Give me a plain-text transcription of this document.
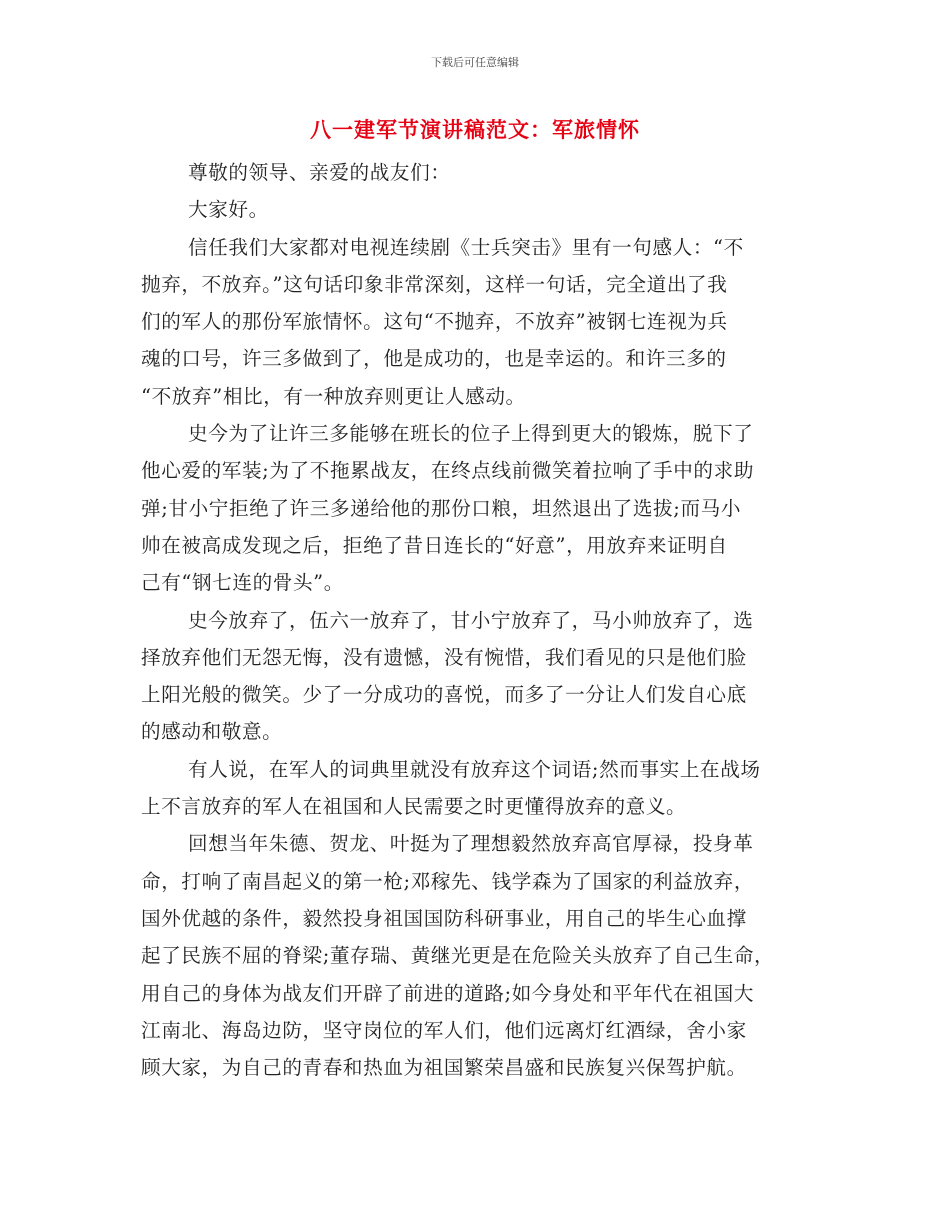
下载后可任意编辑
八一建军节演讲稿范文：军旅情怀
尊敬的领导、亲爱的战友们：
大家好。
信任我们大家都对电视连续剧《士兵突击》里有一句感人：“不
抛弃，不放弃。”这句话印象非常深刻，这样一句话，完全道出了我
们的军人的那份军旅情怀。这句“不抛弃，不放弃”被钢七连视为兵
魂的口号，许三多做到了，他是成功的，也是幸运的。和许三多的
“不放弃”相比，有一种放弃则更让人感动。
史今为了让许三多能够在班长的位子上得到更大的锻炼，脱下了
他心爱的军装;为了不拖累战友，在终点线前微笑着拉响了手中的求助
弹;甘小宁拒绝了许三多递给他的那份口粮，坦然退出了选拔;而马小
帅在被高成发现之后，拒绝了昔日连长的“好意”，用放弃来证明自
己有“钢七连的骨头”。
史今放弃了，伍六一放弃了，甘小宁放弃了，马小帅放弃了，选
择放弃他们无怨无悔，没有遗憾，没有惋惜，我们看见的只是他们脸
上阳光般的微笑。少了一分成功的喜悦，而多了一分让人们发自心底
的感动和敬意。
有人说，在军人的词典里就没有放弃这个词语;然而事实上在战场
上不言放弃的军人在祖国和人民需要之时更懂得放弃的意义。
回想当年朱德、贺龙、叶挺为了理想毅然放弃高官厚禄，投身革
命，打响了南昌起义的第一枪;邓稼先、钱学森为了国家的利益放弃，
国外优越的条件，毅然投身祖国国防科研事业，用自己的毕生心血撑
起了民族不屈的脊梁;董存瑞、黄继光更是在危险关头放弃了自己生命，
用自己的身体为战友们开辟了前进的道路;如今身处和平年代在祖国大
江南北、海岛边防，坚守岗位的军人们，他们远离灯红酒绿，舍小家
顾大家，为自己的青春和热血为祖国繁荣昌盛和民族复兴保驾护航。
